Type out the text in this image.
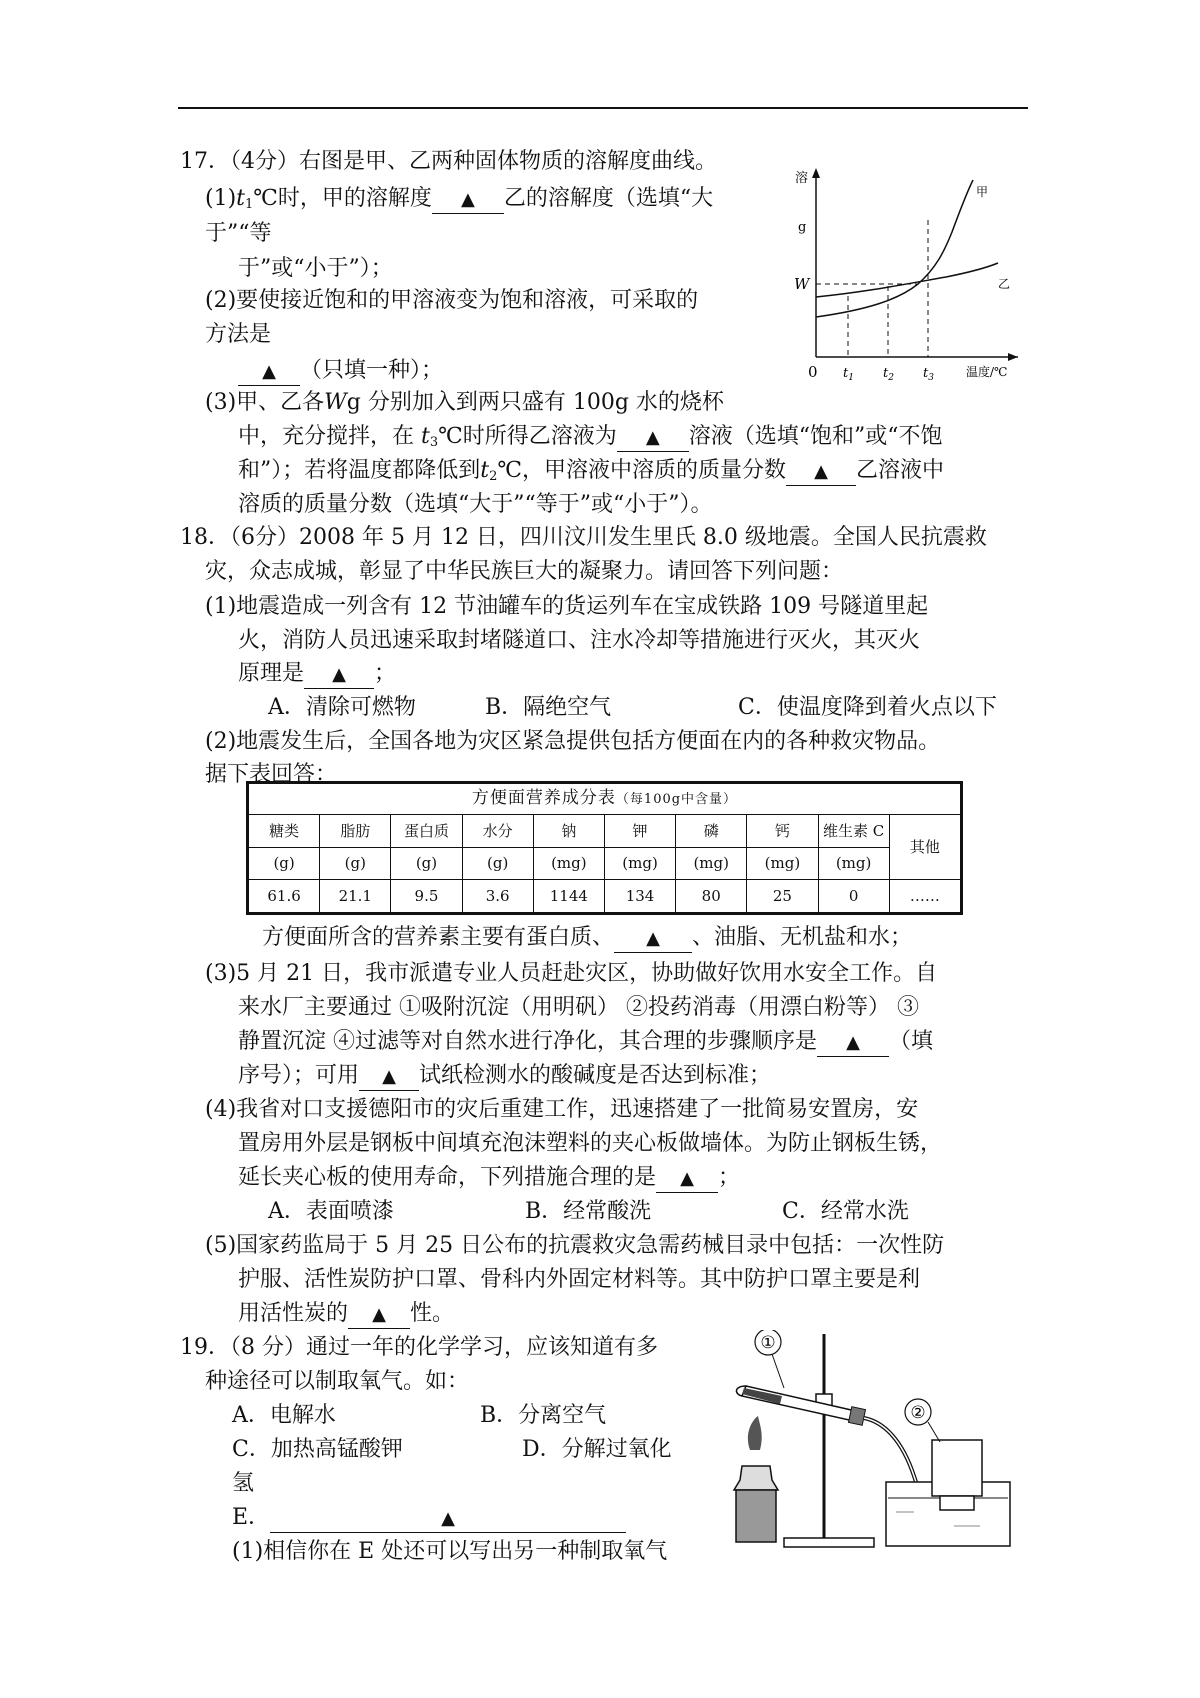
17．（4分）右图是甲、乙两种固体物质的溶解度曲线。
$(1)t_1℃$时，甲的溶解度 ▲ 乙的溶解度（选填“大
于”“等
于”或“小于”）；
(2)要使接近饱和的甲溶液变为饱和溶液，可采取的
方法是
▲ （只填一种）；
(3)甲、乙各Wg 分别加入到两只盛有 100g 水的烧杯
中，充分搅拌，在 $t_3℃$时所得乙溶液为 ▲ 溶液（选填“饱和”或“不饱
和”）；若将温度都降低到$t_2℃$，甲溶液中溶质的质量分数 ▲ 乙溶液中
溶质的质量分数（选填“大于”“等于”或“小于”）。
溶
g
W
0 $t_1$ $t_2$ $t_3$	温度/℃
甲
乙
18．（6分）2008 年 5 月 12 日，四川汶川发生里氏 8.0 级地震。全国人民抗震救
灾，众志成城，彰显了中华民族巨大的凝聚力。请回答下列问题：
(1)地震造成一列含有 12 节油罐车的货运列车在宝成铁路 109 号隧道里起
火，消防人员迅速采取封堵隧道口、注水冷却等措施进行灭火，其灭火
原理是 ▲ ；
A．清除可燃物	B．隔绝空气	C．使温度降到着火点以下
(2)地震发生后，全国各地为灾区紧急提供包括方便面在内的各种救灾物品。
据下表回答：
方便面营养成分表（每100g中含量）									
糖类	脂肪	蛋白质	水分	钠	钾	磷	钙	维生素 C	其他
(g)	(g)	(g)	(g)	(mg)	(mg)	(mg)	(mg)	(mg)	
61.6	21.1	9.5	3.6	1144	134	80	25	0	……
方便面所含的营养素主要有蛋白质、 ▲ 、油脂、无机盐和水；
(3)5 月 21 日，我市派遣专业人员赶赴灾区，协助做好饮用水安全工作。自
来水厂主要通过 ①吸附沉淀（用明矾） ②投药消毒（用漂白粉等） ③
静置沉淀 ④过滤等对自然水进行净化，其合理的步骤顺序是 ▲ （填
序号）；可用 ▲ 试纸检测水的酸碱度是否达到标准；
(4)我省对口支援德阳市的灾后重建工作，迅速搭建了一批简易安置房，安
置房用外层是钢板中间填充泡沫塑料的夹心板做墙体。为防止钢板生锈，
延长夹心板的使用寿命，下列措施合理的是 ▲ ；
A．表面喷漆	B．经常酸洗	C．经常水洗
(5)国家药监局于 5 月 25 日公布的抗震救灾急需药械目录中包括：一次性防
护服、活性炭防护口罩、骨科内外固定材料等。其中防护口罩主要是利
用活性炭的 ▲ 性。
19．（8 分）通过一年的化学学习，应该知道有多
种途径可以制取氧气。如：
A．电解水	B．分离空气
C．加热高锰酸钾	D．分解过氧化
氢
E．	▲
(1)相信你在 E 处还可以写出另一种制取氧气
①
②
